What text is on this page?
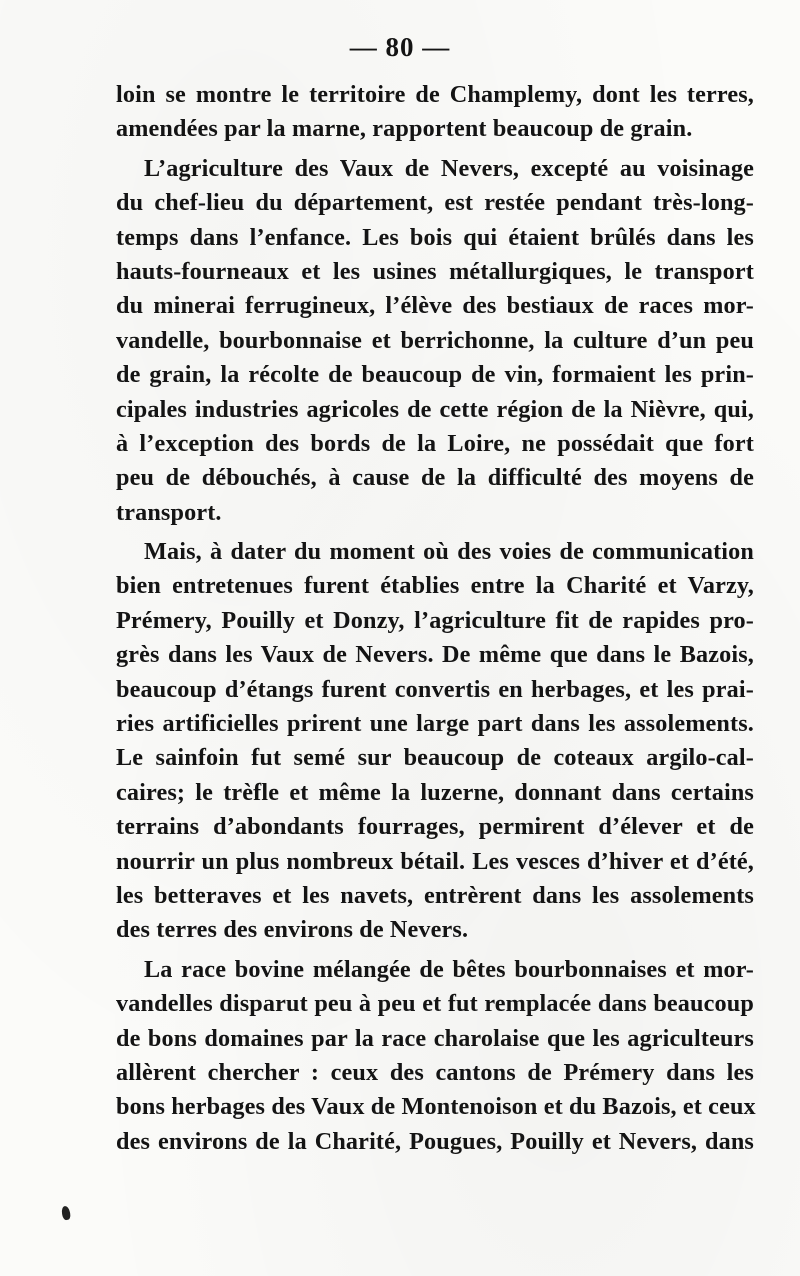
— 80 —
loin se montre le territoire de Champlemy, dont les terres,
amendées par la marne, rapportent beaucoup de grain.
L’agriculture des Vaux de Nevers, excepté au voisinage
du chef-lieu du département, est restée pendant très-long-
temps dans l’enfance. Les bois qui étaient brûlés dans les
hauts-fourneaux et les usines métallurgiques, le transport
du minerai ferrugineux, l’élève des bestiaux de races mor-
vandelle, bourbonnaise et berrichonne, la culture d’un peu
de grain, la récolte de beaucoup de vin, formaient les prin-
cipales industries agricoles de cette région de la Nièvre, qui,
à l’exception des bords de la Loire, ne possédait que fort
peu de débouchés, à cause de la difficulté des moyens de
transport.
Mais, à dater du moment où des voies de communication
bien entretenues furent établies entre la Charité et Varzy,
Prémery, Pouilly et Donzy, l’agriculture fit de rapides pro-
grès dans les Vaux de Nevers. De même que dans le Bazois,
beaucoup d’étangs furent convertis en herbages, et les prai-
ries artificielles prirent une large part dans les assolements.
Le sainfoin fut semé sur beaucoup de coteaux argilo-cal-
caires; le trèfle et même la luzerne, donnant dans certains
terrains d’abondants fourrages, permirent d’élever et de
nourrir un plus nombreux bétail. Les vesces d’hiver et d’été,
les betteraves et les navets, entrèrent dans les assolements
des terres des environs de Nevers.
La race bovine mélangée de bêtes bourbonnaises et mor-
vandelles disparut peu à peu et fut remplacée dans beaucoup
de bons domaines par la race charolaise que les agriculteurs
allèrent chercher : ceux des cantons de Prémery dans les
bons herbages des Vaux de Montenoison et du Bazois, et ceux
des environs de la Charité, Pougues, Pouilly et Nevers, dans
